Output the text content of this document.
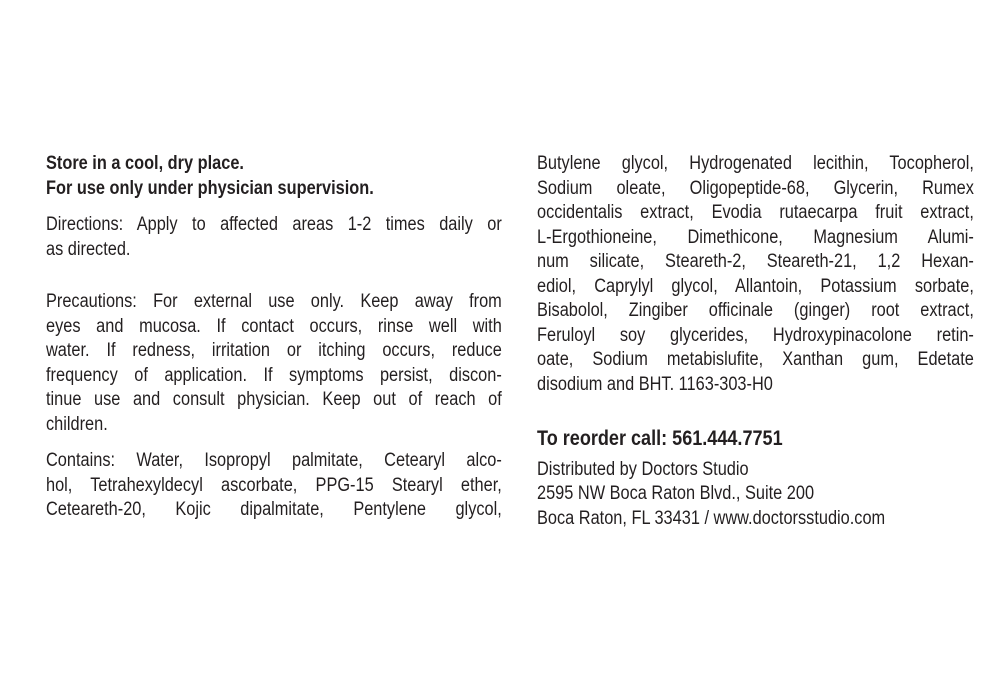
Store in a cool, dry place.
For use only under physician supervision.
Directions: Apply to affected areas 1-2 times daily or
as directed.
Precautions: For external use only. Keep away from
eyes and mucosa. If contact occurs, rinse well with
water. If redness, irritation or itching occurs, reduce
frequency of application. If symptoms persist, discon-
tinue use and consult physician. Keep out of reach of
children.
Contains: Water, Isopropyl palmitate, Cetearyl alco-
hol, Tetrahexyldecyl ascorbate, PPG-15 Stearyl ether,
Ceteareth-20, Kojic dipalmitate, Pentylene glycol,
Butylene glycol, Hydrogenated lecithin, Tocopherol,
Sodium oleate, Oligopeptide-68, Glycerin, Rumex
occidentalis extract, Evodia rutaecarpa fruit extract,
L-Ergothioneine, Dimethicone, Magnesium Alumi-
num silicate, Steareth-2, Steareth-21, 1,2 Hexan-
ediol, Caprylyl glycol, Allantoin, Potassium sorbate,
Bisabolol, Zingiber officinale (ginger) root extract,
Feruloyl soy glycerides, Hydroxypinacolone retin-
oate, Sodium metabislufite, Xanthan gum, Edetate
disodium and BHT. 1163-303-H0
To reorder call: 561.444.7751
Distributed by Doctors Studio
2595 NW Boca Raton Blvd., Suite 200
Boca Raton, FL 33431 / www.doctorsstudio.com
